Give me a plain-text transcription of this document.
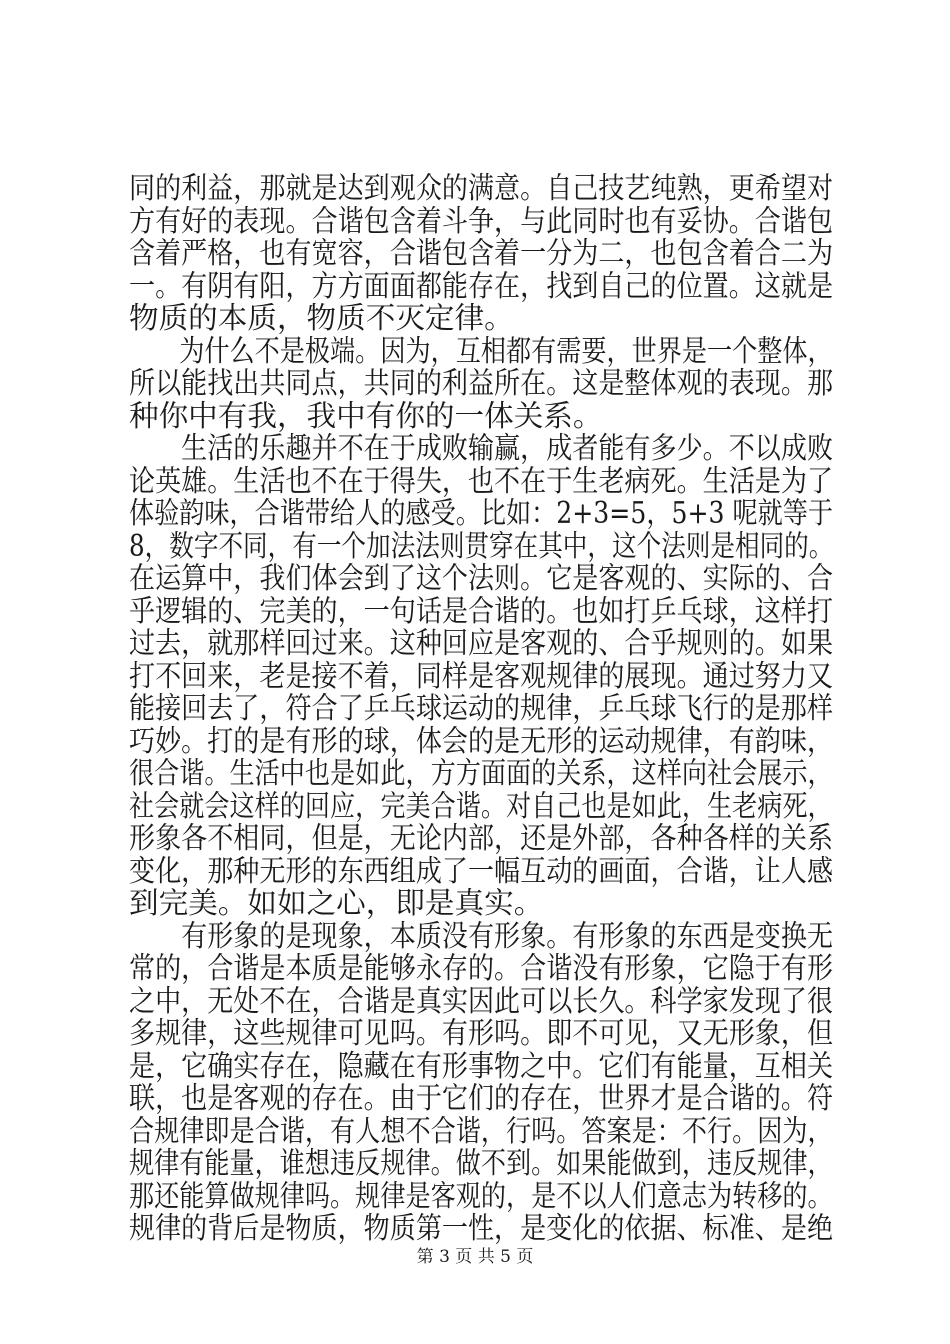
同的利益，那就是达到观众的满意。自己技艺纯熟，更希望对
方有好的表现。合谐包含着斗争，与此同时也有妥协。合谐包
含着严格，也有宽容，合谐包含着一分为二，也包含着合二为
一。有阴有阳，方方面面都能存在，找到自己的位置。这就是
物质的本质，物质不灭定律。
　　为什么不是极端。因为，互相都有需要，世界是一个整体，
所以能找出共同点，共同的利益所在。这是整体观的表现。那
种你中有我，我中有你的一体关系。
　　生活的乐趣并不在于成败输赢，成者能有多少。不以成败
论英雄。生活也不在于得失，也不在于生老病死。生活是为了
体验韵味，合谐带给人的感受。比如：2+3=5，5+3 呢就等于
8，数字不同，有一个加法法则贯穿在其中，这个法则是相同的。
在运算中，我们体会到了这个法则。它是客观的、实际的、合
乎逻辑的、完美的，一句话是合谐的。也如打乒乓球，这样打
过去，就那样回过来。这种回应是客观的、合乎规则的。如果
打不回来，老是接不着，同样是客观规律的展现。通过努力又
能接回去了，符合了乒乓球运动的规律，乒乓球飞行的是那样
巧妙。打的是有形的球，体会的是无形的运动规律，有韵味，
很合谐。生活中也是如此，方方面面的关系，这样向社会展示，
社会就会这样的回应，完美合谐。对自己也是如此，生老病死，
形象各不相同，但是，无论内部，还是外部，各种各样的关系
变化，那种无形的东西组成了一幅互动的画面，合谐，让人感
到完美。如如之心，即是真实。
　　有形象的是现象，本质没有形象。有形象的东西是变换无
常的，合谐是本质是能够永存的。合谐没有形象，它隐于有形
之中，无处不在，合谐是真实因此可以长久。科学家发现了很
多规律，这些规律可见吗。有形吗。即不可见，又无形象，但
是，它确实存在，隐藏在有形事物之中。它们有能量，互相关
联，也是客观的存在。由于它们的存在，世界才是合谐的。符
合规律即是合谐，有人想不合谐，行吗。答案是：不行。因为，
规律有能量，谁想违反规律。做不到。如果能做到，违反规律，
那还能算做规律吗。规律是客观的，是不以人们意志为转移的。
规律的背后是物质，物质第一性，是变化的依据、标准、是绝
第 3 页 共 5 页
